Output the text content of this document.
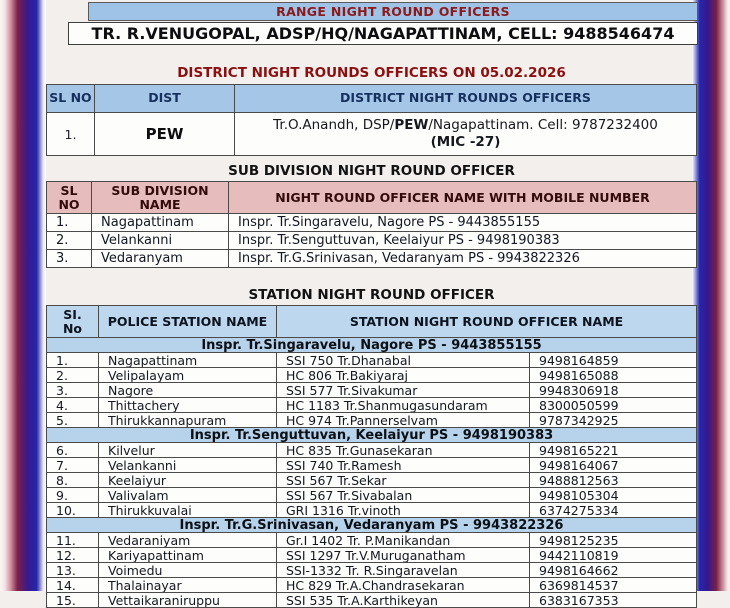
RANGE NIGHT ROUND OFFICERS
TR. R.VENUGOPAL, ADSP/HQ/NAGAPATTINAM, CELL: 9488546474
DISTRICT NIGHT ROUNDS OFFICERS ON 05.02.2026
SL NO	DIST	DISTRICT NIGHT ROUNDS OFFICERS
1.	PEW	Tr.O.Anandh, DSP/PEW/Nagapattinam. Cell: 9787232400
(MIC -27)
SUB DIVISION NIGHT ROUND OFFICER
SL NO	SUB DIVISION NAME	NIGHT ROUND OFFICER NAME WITH MOBILE NUMBER
1.	Nagapattinam	Inspr. Tr.Singaravelu, Nagore PS - 9443855155
2.	Velankanni	Inspr. Tr.Senguttuvan, Keelaiyur PS - 9498190383
3.	Vedaranyam	Inspr. Tr.G.Srinivasan, Vedaranyam PS - 9943822326
STATION NIGHT ROUND OFFICER
SI. No	POLICE STATION NAME	STATION NIGHT ROUND OFFICER NAME	
Inspr. Tr.Singaravelu, Nagore PS - 9443855155			
1.	Nagapattinam	SSI 750 Tr.Dhanabal	9498164859
2.	Velipalayam	HC 806 Tr.Bakiyaraj	9498165088
3.	Nagore	SSI 577 Tr.Sivakumar	9948306918
4.	Thittachery	HC 1183 Tr.Shanmugasundaram	8300050599
5.	Thirukkannapuram	HC 974 Tr.Pannerselvam	9787342925
Inspr. Tr.Senguttuvan, Keelaiyur PS - 9498190383			
6.	Kilvelur	HC 835 Tr.Gunasekaran	9498165221
7.	Velankanni	SSI 740 Tr.Ramesh	9498164067
8.	Keelaiyur	SSI 567 Tr.Sekar	9488812563
9.	Valivalam	SSI 567 Tr.Sivabalan	9498105304
10.	Thirukkuvalai	GRI 1316 Tr.vinoth	6374275334
Inspr. Tr.G.Srinivasan, Vedaranyam PS - 9943822326			
11.	Vedaraniyam	Gr.I 1402 Tr. P.Manikandan	9498125235
12.	Kariyapattinam	SSI 1297 Tr.V.Muruganatham	9442110819
13.	Voimedu	SSI-1332 Tr. R.Singaravelan	9498164662
14.	Thalainayar	HC 829 Tr.A.Chandrasekaran	6369814537
15.	Vettaikaraniruppu	SSI 535 Tr.A.Karthikeyan	6383167353
